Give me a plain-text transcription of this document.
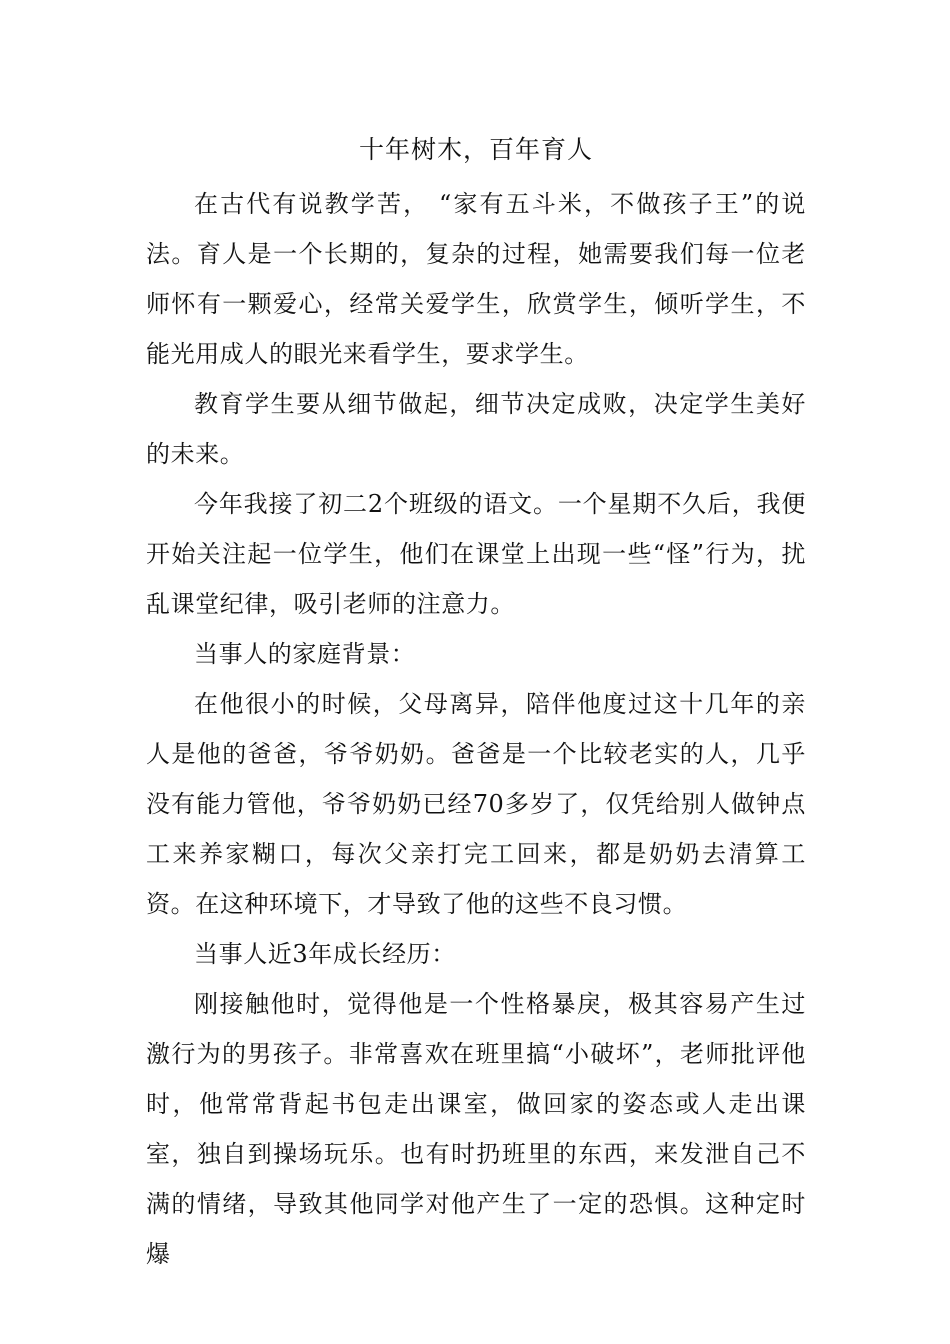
十年树木，百年育人

在古代有说教学苦， “家有五斗米，不做孩子王”的说法。育人是一个长期的，复杂的过程，她需要我们每一位老师怀有一颗爱心，经常关爱学生，欣赏学生，倾听学生，不能光用成人的眼光来看学生，要求学生。

教育学生要从细节做起，细节决定成败，决定学生美好的未来。

今年我接了初二2个班级的语文。一个星期不久后，我便开始关注起一位学生，他们在课堂上出现一些“怪”行为，扰乱课堂纪律，吸引老师的注意力。

当事人的家庭背景：

在他很小的时候，父母离异，陪伴他度过这十几年的亲人是他的爸爸，爷爷奶奶。爸爸是一个比较老实的人，几乎没有能力管他，爷爷奶奶已经70多岁了，仅凭给别人做钟点工来养家糊口，每次父亲打完工回来，都是奶奶去清算工资。在这种环境下，才导致了他的这些不良习惯。

当事人近3年成长经历：

刚接触他时，觉得他是一个性格暴戾，极其容易产生过激行为的男孩子。非常喜欢在班里搞“小破坏”，老师批评他时，他常常背起书包走出课室，做回家的姿态或人走出课室，独自到操场玩乐。也有时扔班里的东西，来发泄自己不满的情绪，导致其他同学对他产生了一定的恐惧。这种定时爆
